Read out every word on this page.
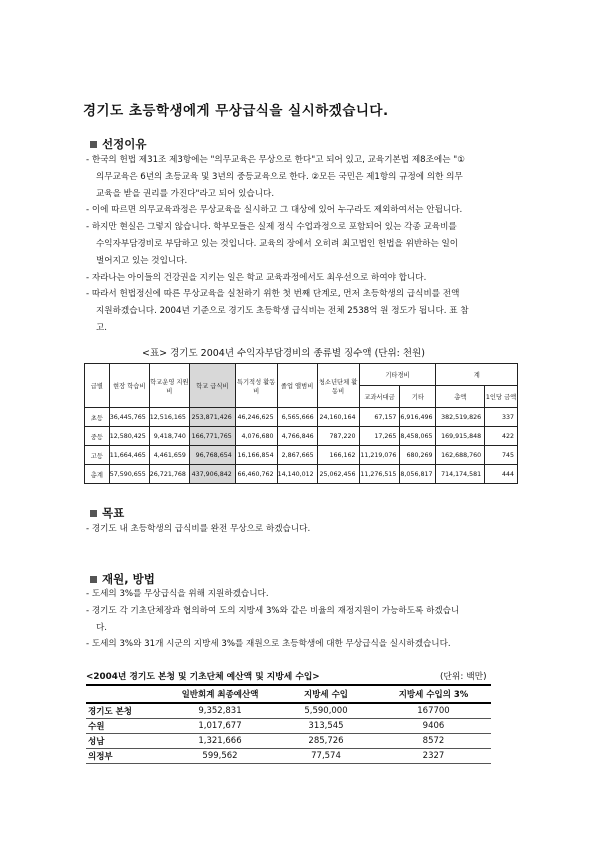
경기도 초등학생에게 무상급식을 실시하겠습니다.
선정이유
- 한국의 헌법 제31조 제3항에는 "의무교육은 무상으로 한다"고 되어 있고, 교육기본법 제8조에는 "①
의무교육은 6년의 초등교육 및 3년의 중등교육으로 한다. ②모든 국민은 제1항의 규정에 의한 의무
교육을 받을 권리를 가진다"라고 되어 있습니다.
- 이에 따르면 의무교육과정은 무상교육을 실시하고 그 대상에 있어 누구라도 제외하여서는 안됩니다.
- 하지만 현실은 그렇지 않습니다. 학부모들은 실제 정식 수업과정으로 포함되어 있는 각종 교육비를
수익자부담경비로 부담하고 있는 것입니다. 교육의 장에서 오히려 최고법인 헌법을 위반하는 일이
벌어지고 있는 것입니다.
- 자라나는 아이들의 건강권을 지키는 일은 학교 교육과정에서도 최우선으로 하여야 합니다.
- 따라서 헌법정신에 따른 무상교육을 실천하기 위한 첫 번째 단계로, 먼저 초등학생의 급식비를 전액
지원하겠습니다. 2004년 기준으로 경기도 초등학생 급식비는 전체 2538억 원 정도가 됩니다. 표 참
고.
<표> 경기도 2004년 수익자부담경비의 종류별 징수액 (단위: 천원)
급별	현장 학습비	학교운영 지원비	학교 급식비	특기적성 활동비	졸업 앨범비	청소년단체 활동비	기타경비		계	
							교과서대금	기타	총액	1인당 금액
초등	36,445,765	12,516,165	253,871,426	46,246,625	6,565,666	24,160,164	67,157	6,916,496	382,519,826	337
중등	12,580,425	9,418,740	166,771,765	4,076,680	4,766,846	787,220	17,265	8,458,065	169,915,848	422
고등	11,664,465	4,461,659	96,768,654	16,166,854	2,867,665	166,162	11,219,076	680,269	162,688,760	745
총계	57,590,655	26,721,768	437,906,842	66,460,762	14,140,012	25,062,456	11,276,515	8,056,817	714,174,581	444
목표
- 경기도 내 초등학생의 급식비를 완전 무상으로 하겠습니다.
재원, 방법
- 도세의 3%를 무상급식을 위해 지원하겠습니다.
- 경기도 각 기초단체장과 협의하여 도의 지방세 3%와 같은 비율의 재정지원이 가능하도록 하겠습니
다.
- 도세의 3%와 31개 시군의 지방세 3%를 재원으로 초등학생에 대한 무상급식을 실시하겠습니다.
<2004년 경기도 본청 및 기초단체 예산액 및 지방세 수입>	(단위: 백만)
	일반회계 최종예산액	지방세 수입	지방세 수입의 3%
경기도 본청	9,352,831	5,590,000	167700
수원	1,017,677	313,545	9406
성남	1,321,666	285,726	8572
의정부	599,562	77,574	2327
